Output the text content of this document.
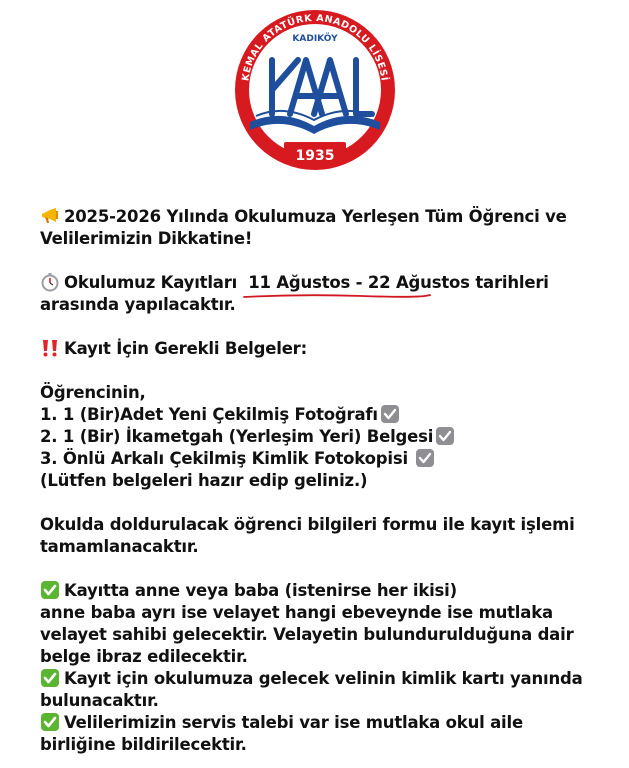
KEMAL ATATÜRK ANADOLU LİSESİ
KADIKÖY
1935
2025-2026 Yılında Okulumuza Yerleşen Tüm Öğrenci ve
Velilerimizin Dikkatine!
Okulumuz Kayıtları 11 Ağustos - 22 Ağustos tarihleri
arasında yapılacaktır.
Kayıt İçin Gerekli Belgeler:
Öğrencinin,
1. 1 (Bir)Adet Yeni Çekilmiş Fotoğrafı
2. 1 (Bir) İkametgah (Yerleşim Yeri) Belgesi
3. Önlü Arkalı Çekilmiş Kimlik Fotokopisi
(Lütfen belgeleri hazır edip geliniz.)
Okulda doldurulacak öğrenci bilgileri formu ile kayıt işlemi
tamamlanacaktır.
Kayıtta anne veya baba (istenirse her ikisi)
anne baba ayrı ise velayet hangi ebeveynde ise mutlaka
velayet sahibi gelecektir. Velayetin bulundurulduğuna dair
belge ibraz edilecektir.
Kayıt için okulumuza gelecek velinin kimlik kartı yanında
bulunacaktır.
Velilerimizin servis talebi var ise mutlaka okul aile
birliğine bildirilecektir.
